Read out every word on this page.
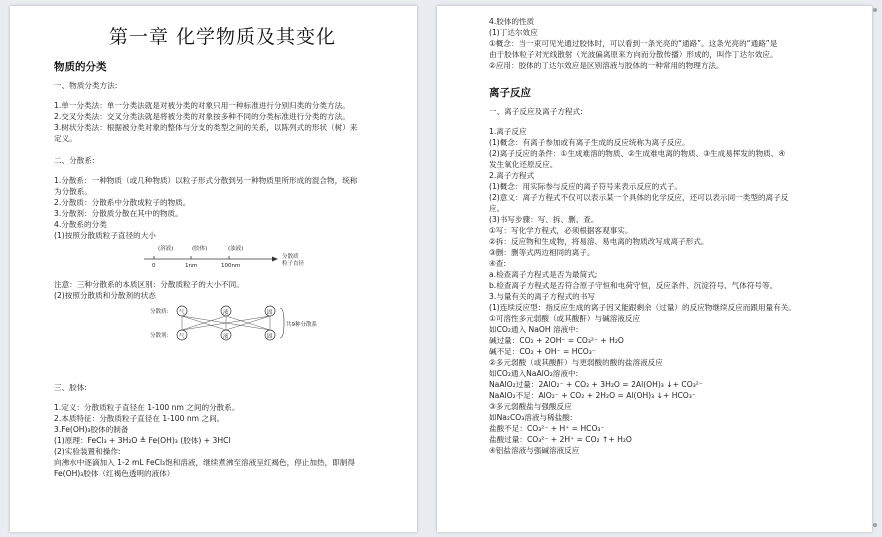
第一章 化学物质及其变化
物质的分类

一、物质分类方法:

1.单一分类法：单一分类法就是对被分类的对象只用一种标准进行分别归类的分类方法。

2.交叉分类法：交叉分类法就是将被分类的对象按多种不同的分类标准进行分类的方法。

3.树状分类法：根据被分类对象的整体与分支的类型之间的关系，以陈列式的形状（树）来

定义。

二、分散系:

1.分散系：一种物质（或几种物质）以粒子形式分散到另一种物质里所形成的混合物，统称

为分散系。

2.分散质：分散系中分散成粒子的物质。

3.分散剂：分散质分散在其中的物质。

4.分散系的分类

(1)按照分散质粒子直径的大小

(溶液)	(胶体)	(浊液)
分散质
粒子直径
0	1nm	100nm

注意：三种分散系的本质区别：分散质粒子的大小不同。

(2)按照分散质和分散剂的状态

分散质:
分散剂:
气	液	固
气	液	固
共9种分散系

三、胶体:

1.定义：分散质粒子直径在 1-100 nm 之间的分散系。

2.本质特征：分散质粒子直径在 1-100 nm 之间。

3.Fe(OH)₃胶体的制备

(1)原理：FeCl₃ + 3H₂O ≜ Fe(OH)₃ (胶体) + 3HCl

(2)实验装置和操作:

向沸水中逐滴加入 1-2 mL FeCl₃饱和溶液，继续煮沸至溶液呈红褐色，停止加热，即制得

Fe(OH)₃胶体（红褐色透明的液体）

4.胶体的性质

(1)丁达尔效应

①概念：当一束可见光通过胶体时，可以看到一条光亮的“通路”。这条光亮的“通路”是

由于胶体粒子对光线散射（光波偏离原来方向而分散传播）形成的，叫作丁达尔效应。

②应用：胶体的丁达尔效应是区别溶液与胶体的一种常用的物理方法。

离子反应

一、离子反应及离子方程式:

1.离子反应

(1)概念：有离子参加或有离子生成的反应统称为离子反应。

(2)离子反应的条件：①生成难溶的物质、②生成难电离的物质、③生成易挥发的物质、④

发生氧化还原反应。

2.离子方程式

(1)概念：用实际参与反应的离子符号来表示反应的式子。

(2)意义：离子方程式不仅可以表示某一个具体的化学反应，还可以表示同一类型的离子反

应。

(3)书写步骤：写、拆、删、查。

①写：写化学方程式，必须根据客观事实。

②拆：反应物和生成物，将易溶、易电离的物质改写成离子形式。

③删：删等式两边相同的离子。

④查:

a.检查离子方程式是否为最简式;

b.检查离子方程式是否符合原子守恒和电荷守恒，反应条件、沉淀符号、气体符号等。

3.与量有关的离子方程式的书写

(1)连续反应型：指反应生成的离子因又能跟剩余（过量）的反应物继续反应而跟用量有关。

①可溶性多元弱酸（或其酸酐）与碱溶液反应

如CO₂通入 NaOH 溶液中:

碱过量：CO₂ + 2OH⁻ = CO₃²⁻ + H₂O

碱不足：CO₂ + OH⁻ = HCO₃⁻

②多元弱酸（或其酸酐）与更弱酸的酸的盐溶液反应

如CO₂通入NaAlO₂溶液中:

NaAlO₂过量：2AlO₂⁻ + CO₂ + 3H₂O = 2Al(OH)₃ ↓+ CO₃²⁻

NaAlO₂不足：AlO₂⁻ + CO₂ + 2H₂O = Al(OH)₃ ↓+ HCO₃⁻

③多元弱酸盐与强酸反应

如Na₂CO₃溶液与稀盐酸:

盐酸不足：CO₃²⁻ + H⁺ = HCO₃⁻

盐酸过量：CO₃²⁻ + 2H⁺ = CO₂ ↑+ H₂O

④铝盐溶液与强碱溶液反应
